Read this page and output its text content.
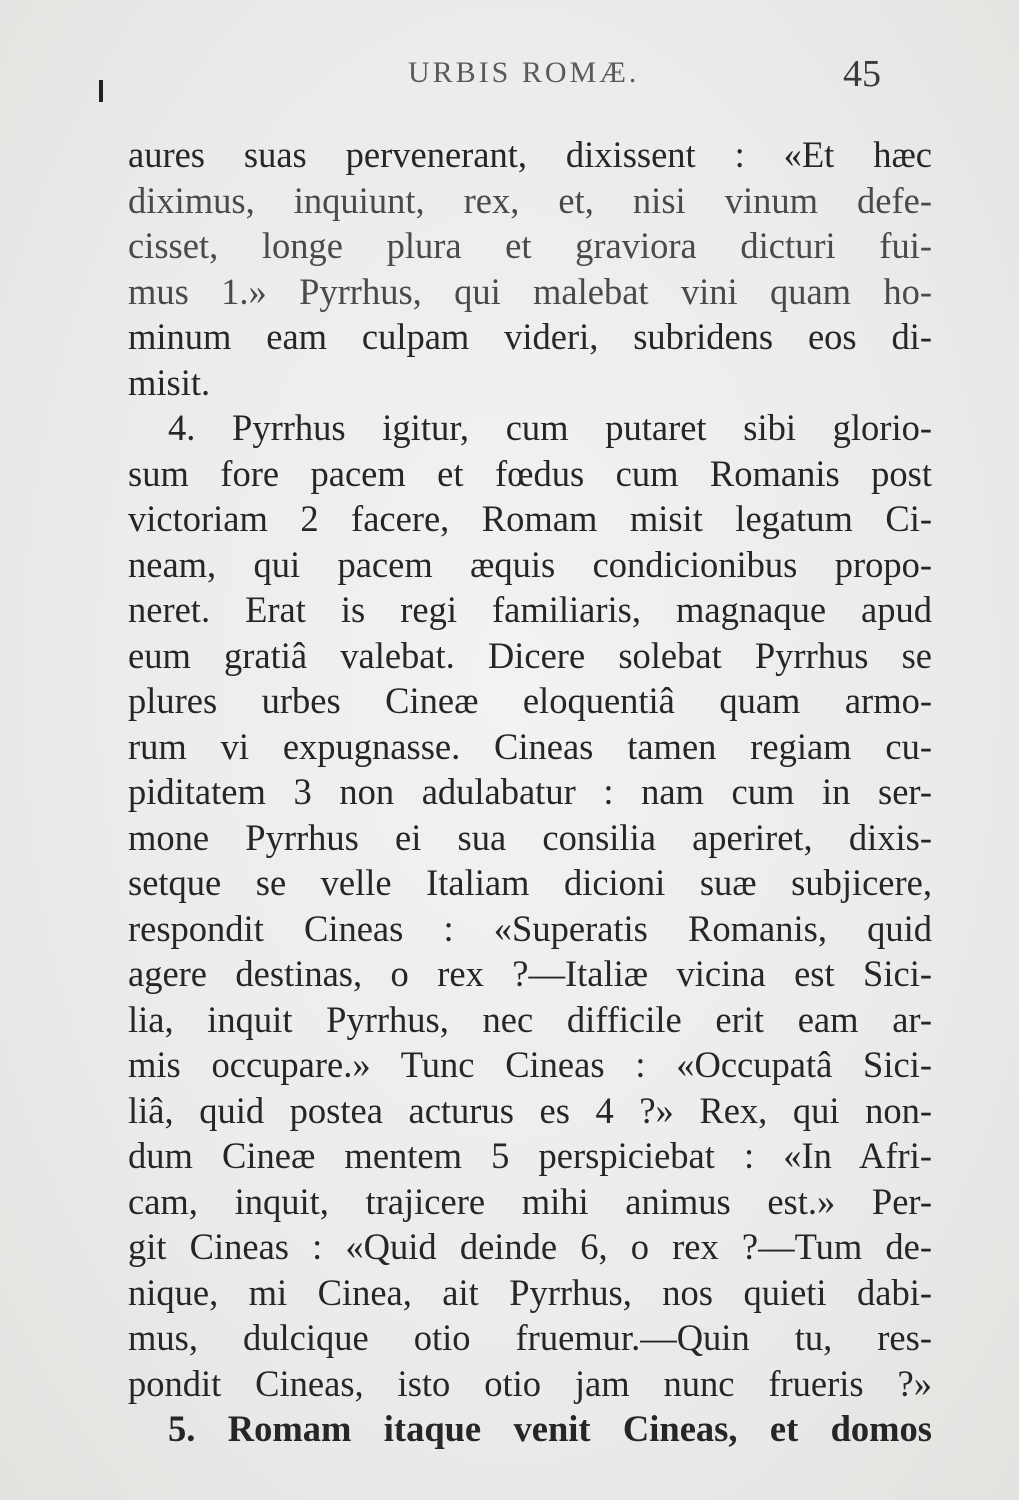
URBIS ROMÆ.	45
aures suas pervenerant, dixissent : «Et hæc
diximus, inquiunt, rex, et, nisi vinum defe-
cisset, longe plura et graviora dicturi fui-
mus 1.» Pyrrhus, qui malebat vini quam ho-
minum eam culpam videri, subridens eos di-
misit.
4. Pyrrhus igitur, cum putaret sibi glorio-
sum fore pacem et fœdus cum Romanis post
victoriam 2 facere, Romam misit legatum Ci-
neam, qui pacem æquis condicionibus propo-
neret. Erat is regi familiaris, magnaque apud
eum gratiâ valebat. Dicere solebat Pyrrhus se
plures urbes Cineæ eloquentiâ quam armo-
rum vi expugnasse. Cineas tamen regiam cu-
piditatem 3 non adulabatur : nam cum in ser-
mone Pyrrhus ei sua consilia aperiret, dixis-
setque se velle Italiam dicioni suæ subjicere,
respondit Cineas : «Superatis Romanis, quid
agere destinas, o rex ?—Italiæ vicina est Sici-
lia, inquit Pyrrhus, nec difficile erit eam ar-
mis occupare.» Tunc Cineas : «Occupatâ Sici-
liâ, quid postea acturus es 4 ?» Rex, qui non-
dum Cineæ mentem 5 perspiciebat : «In Afri-
cam, inquit, trajicere mihi animus est.» Per-
git Cineas : «Quid deinde 6, o rex ?—Tum de-
nique, mi Cinea, ait Pyrrhus, nos quieti dabi-
mus, dulcique otio fruemur.—Quin tu, res-
pondit Cineas, isto otio jam nunc frueris ?»
5. Romam itaque venit Cineas, et domos
